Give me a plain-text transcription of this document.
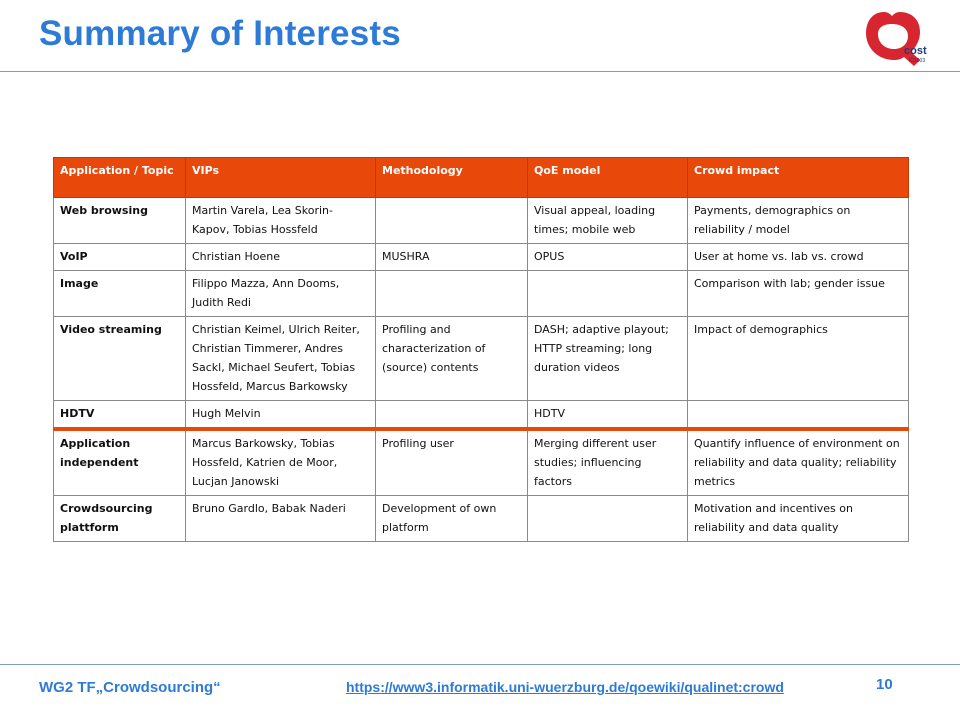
Summary of Interests	cost
IC1003
Application / Topic	VIPs	Methodology	QoE model	Crowd impact
Web browsing	Martin Varela, Lea Skorin-Kapov, Tobias Hossfeld		Visual appeal, loading times; mobile web	Payments, demographics on reliability / model
VoIP	Christian Hoene	MUSHRA	OPUS	User at home vs. lab vs. crowd
Image	Filippo Mazza, Ann Dooms, Judith Redi			Comparison with lab; gender issue
Video streaming	Christian Keimel, Ulrich Reiter, Christian Timmerer, Andres Sackl, Michael Seufert, Tobias Hossfeld, Marcus Barkowsky	Profiling and characterization of (source) contents	DASH; adaptive playout; HTTP streaming; long duration videos	Impact of demographics
HDTV	Hugh Melvin		HDTV	
Application independent	Marcus Barkowsky, Tobias Hossfeld, Katrien de Moor, Lucjan Janowski	Profiling user	Merging different user studies; influencing factors	Quantify influence of environment on reliability and data quality; reliability metrics
Crowdsourcing plattform	Bruno Gardlo, Babak Naderi	Development of own platform		Motivation and incentives on reliability and data quality
WG2 TF„Crowdsourcing“	https://www3.informatik.uni-wuerzburg.de/qoewiki/qualinet:crowd	10
